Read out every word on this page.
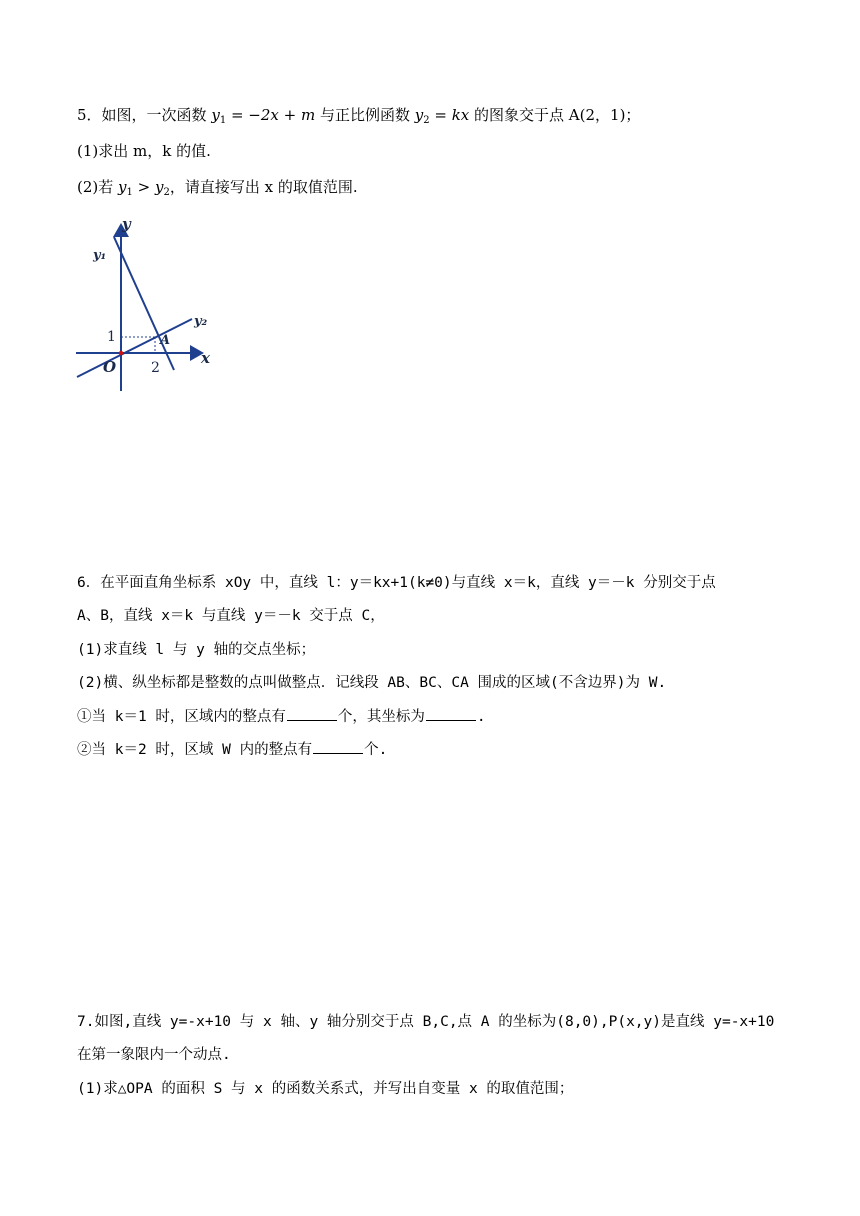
5．如图，一次函数 $y_1 = -2x + m$ 与正比例函数 $y_2$ = kx 的图象交于点 A(2，1)；
(1)求出 m，k 的值.
(2)若 $y_1 > y_2$，请直接写出 x 的取值范围.
y
y₁
y₂
x
O
A
1
2
6．在平面直角坐标系 xOy 中，直线 l：y＝kx+1(k≠0)与直线 x＝k，直线 y＝－k 分别交于点
A、B，直线 x＝k 与直线 y＝－k 交于点 C，
(1)求直线 l 与 y 轴的交点坐标；
(2)横、纵坐标都是整数的点叫做整点．记线段 AB、BC、CA 围成的区域(不含边界)为 W.
①当 k＝1 时，区域内的整点有	个，其坐标为	.
②当 k＝2 时，区域 W 内的整点有	个.
7.如图,直线 y=-x+10 与 x 轴、y 轴分别交于点 B,C,点 A 的坐标为(8,0),P(x,y)是直线 y=-x+10
在第一象限内一个动点.
(1)求△OPA 的面积 S 与 x 的函数关系式，并写出自变量 x 的取值范围；
